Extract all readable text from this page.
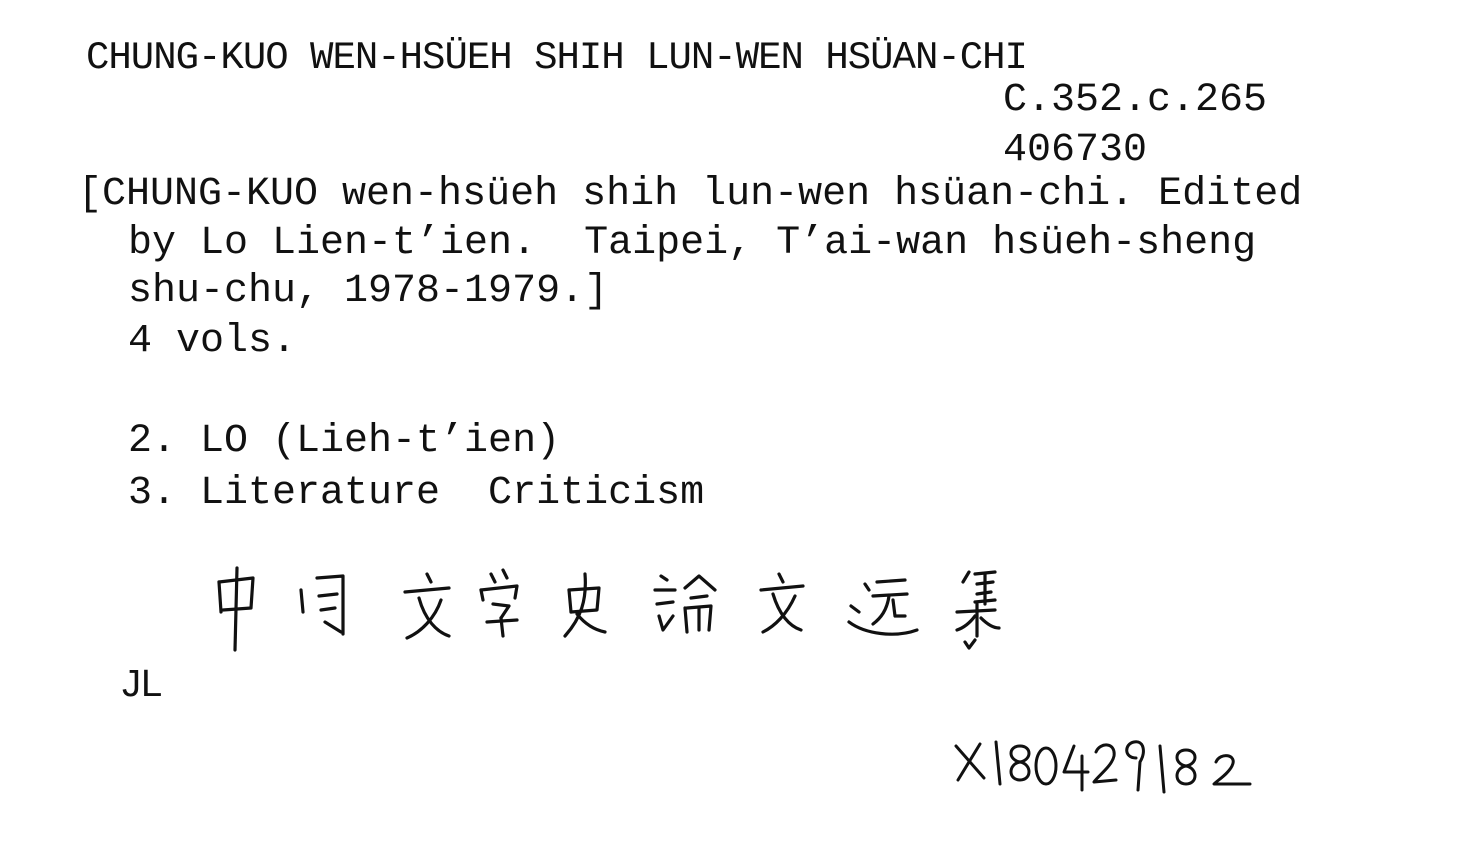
CHUNG-KUO WEN-HSÜEH SHIH LUN-WEN HSÜAN-CHI
C.352.c.265
406730
[CHUNG-KUO wen-hsüeh shih lun-wen hsüan-chi. Edited
by Lo Lien-t’ien.  Taipei, T’ai-wan hsüeh-sheng
shu-chu, 1978-1979.]
4 vols.
2. LO (Lieh-t’ien)
3. Literature  Criticism
JL
